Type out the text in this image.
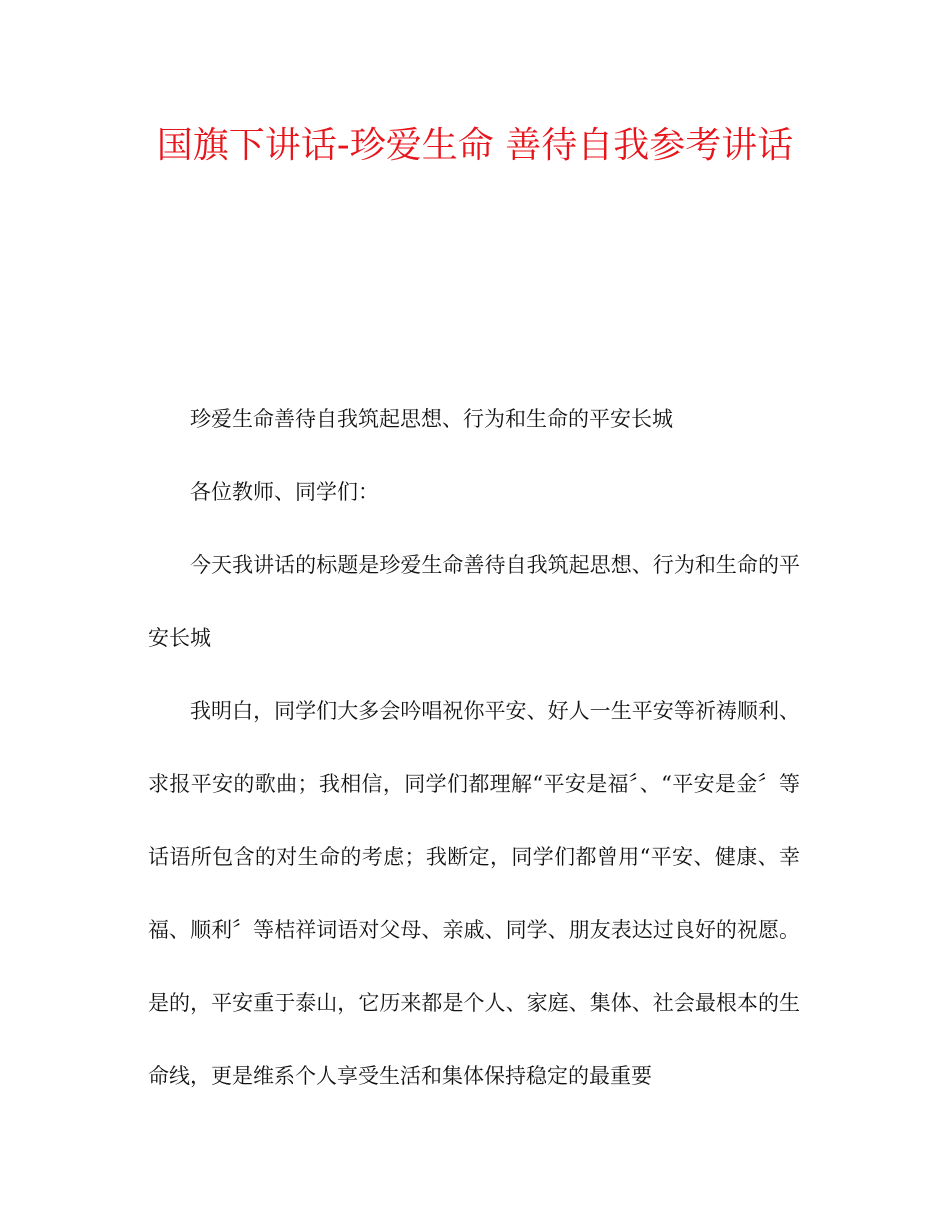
国旗下讲话-珍爱生命 善待自我参考讲话

珍爱生命善待自我筑起思想、行为和生命的平安长城

各位教师、同学们：

今天我讲话的标题是珍爱生命善待自我筑起思想、行为和生命的平安长城

我明白，同学们大多会吟唱祝你平安、好人一生平安等祈祷顺利、求报平安的歌曲；我相信，同学们都理解“平安是福〞、“平安是金〞等话语所包含的对生命的考虑；我断定，同学们都曾用“平安、健康、幸福、顺利〞等桔祥词语对父母、亲戚、同学、朋友表达过良好的祝愿。是的，平安重于泰山，它历来都是个人、家庭、集体、社会最根本的生命线，更是维系个人享受生活和集体保持稳定的最重要
